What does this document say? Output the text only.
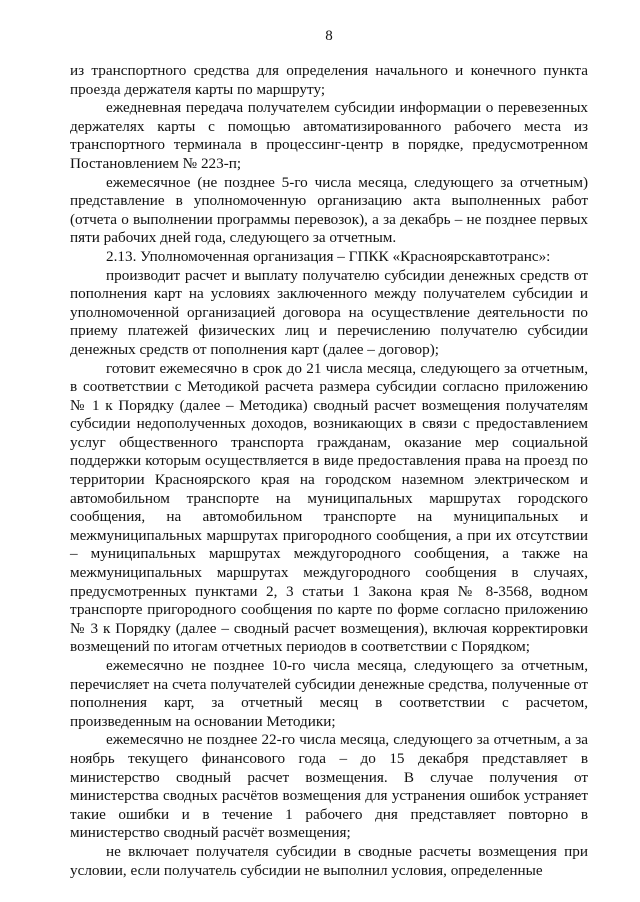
8

из транспортного средства для определения начального и конечного пункта проезда держателя карты по маршруту;

ежедневная передача получателем субсидии информации о перевезенных держателях карты с помощью автоматизированного рабочего места из транспортного терминала в процессинг-центр в порядке, предусмотренном Постановлением № 223-п;

ежемесячное (не позднее 5-го числа месяца, следующего за отчетным) представление в уполномоченную организацию акта выполненных работ (отчета о выполнении программы перевозок), а за декабрь – не позднее первых пяти рабочих дней года, следующего за отчетным.

2.13. Уполномоченная организация – ГПКК «Красноярскавтотранс»:

производит расчет и выплату получателю субсидии денежных средств от пополнения карт на условиях заключенного между получателем субсидии и уполномоченной организацией договора на осуществление деятельности по приему платежей физических лиц и перечислению получателю субсидии денежных средств от пополнения карт (далее – договор);

готовит ежемесячно в срок до 21 числа месяца, следующего за отчетным, в соответствии с Методикой расчета размера субсидии согласно приложению № 1 к Порядку (далее – Методика) сводный расчет возмещения получателям субсидии недополученных доходов, возникающих в связи с предоставлением услуг общественного транспорта гражданам, оказание мер социальной поддержки которым осуществляется в виде предоставления права на проезд по территории Красноярского края на городском наземном электрическом и автомобильном транспорте на муниципальных маршрутах городского сообщения, на автомобильном транспорте на муниципальных и межмуниципальных маршрутах пригородного сообщения, а при их отсутствии – муниципальных маршрутах междугородного сообщения, а также на межмуниципальных маршрутах междугородного сообщения в случаях, предусмотренных пунктами 2, 3 статьи 1 Закона края № 8-3568, водном транспорте пригородного сообщения по карте по форме согласно приложению № 3 к Порядку (далее – сводный расчет возмещения), включая корректировки возмещений по итогам отчетных периодов в соответствии с Порядком;

ежемесячно не позднее 10-го числа месяца, следующего за отчетным, перечисляет на счета получателей субсидии денежные средства, полученные от пополнения карт, за отчетный месяц в соответствии с расчетом, произведенным на основании Методики;

ежемесячно не позднее 22-го числа месяца, следующего за отчетным, а за ноябрь текущего финансового года – до 15 декабря представляет в министерство сводный расчет возмещения. В случае получения от министерства сводных расчётов возмещения для устранения ошибок устраняет такие ошибки и в течение 1 рабочего дня представляет повторно в министерство сводный расчёт возмещения;

не включает получателя субсидии в сводные расчеты возмещения при условии, если получатель субсидии не выполнил условия, определенные
